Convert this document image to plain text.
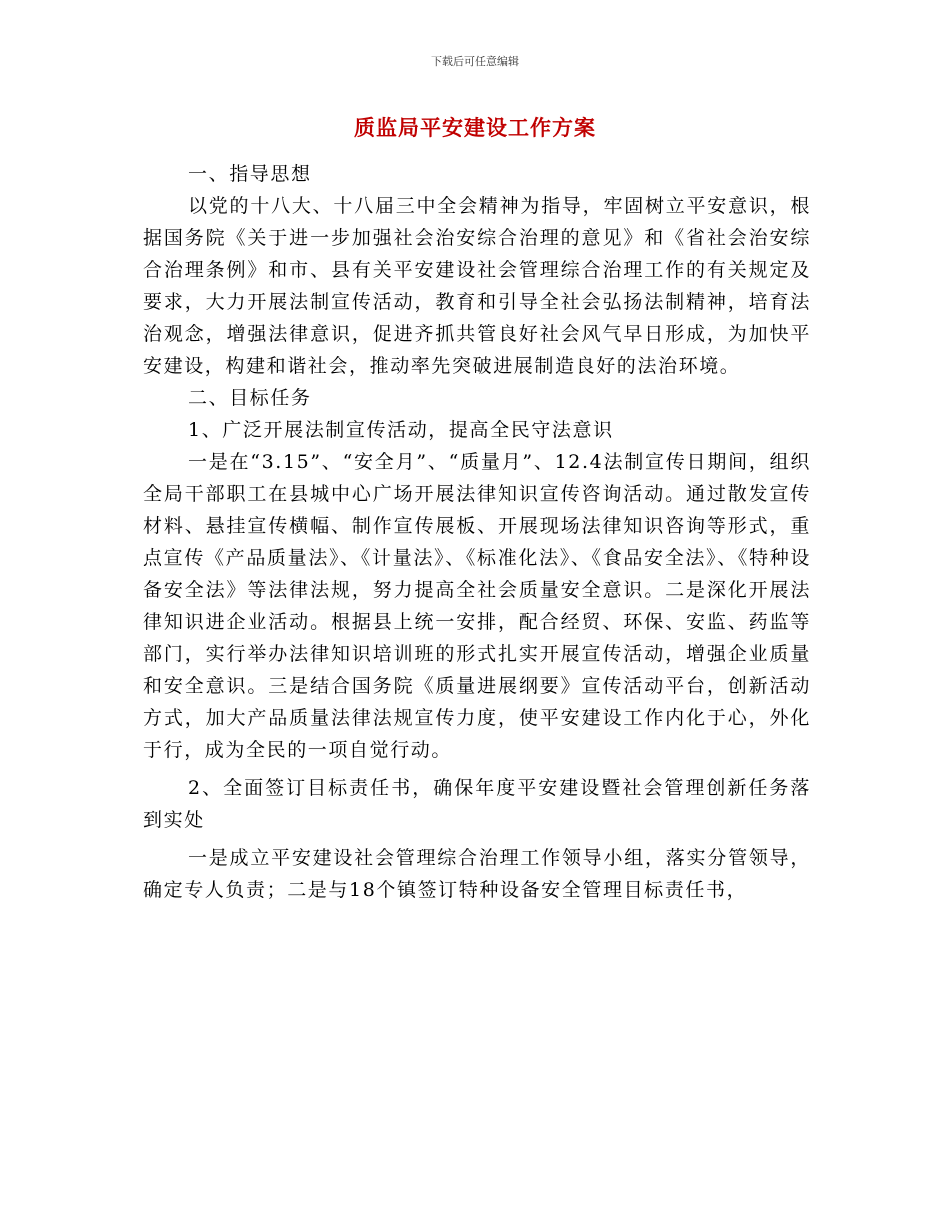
下载后可任意编辑
质监局平安建设工作方案

一、指导思想

以党的十八大、十八届三中全会精神为指导，牢固树立平安意识，根据国务院《关于进一步加强社会治安综合治理的意见》和《省社会治安综合治理条例》和市、县有关平安建设社会管理综合治理工作的有关规定及要求，大力开展法制宣传活动，教育和引导全社会弘扬法制精神，培育法治观念，增强法律意识，促进齐抓共管良好社会风气早日形成，为加快平安建设，构建和谐社会，推动率先突破进展制造良好的法治环境。

二、目标任务

1、广泛开展法制宣传活动，提高全民守法意识

一是在“3.15”、“安全月”、“质量月”、12.4法制宣传日期间，组织全局干部职工在县城中心广场开展法律知识宣传咨询活动。通过散发宣传材料、悬挂宣传横幅、制作宣传展板、开展现场法律知识咨询等形式，重点宣传《产品质量法》、《计量法》、《标准化法》、《食品安全法》、《特种设备安全法》等法律法规，努力提高全社会质量安全意识。二是深化开展法律知识进企业活动。根据县上统一安排，配合经贸、环保、安监、药监等部门，实行举办法律知识培训班的形式扎实开展宣传活动，增强企业质量和安全意识。三是结合国务院《质量进展纲要》宣传活动平台，创新活动方式，加大产品质量法律法规宣传力度，使平安建设工作内化于心，外化于行，成为全民的一项自觉行动。

2、全面签订目标责任书，确保年度平安建设暨社会管理创新任务落到实处

一是成立平安建设社会管理综合治理工作领导小组，落实分管领导，确定专人负责；二是与18个镇签订特种设备安全管理目标责任书，
